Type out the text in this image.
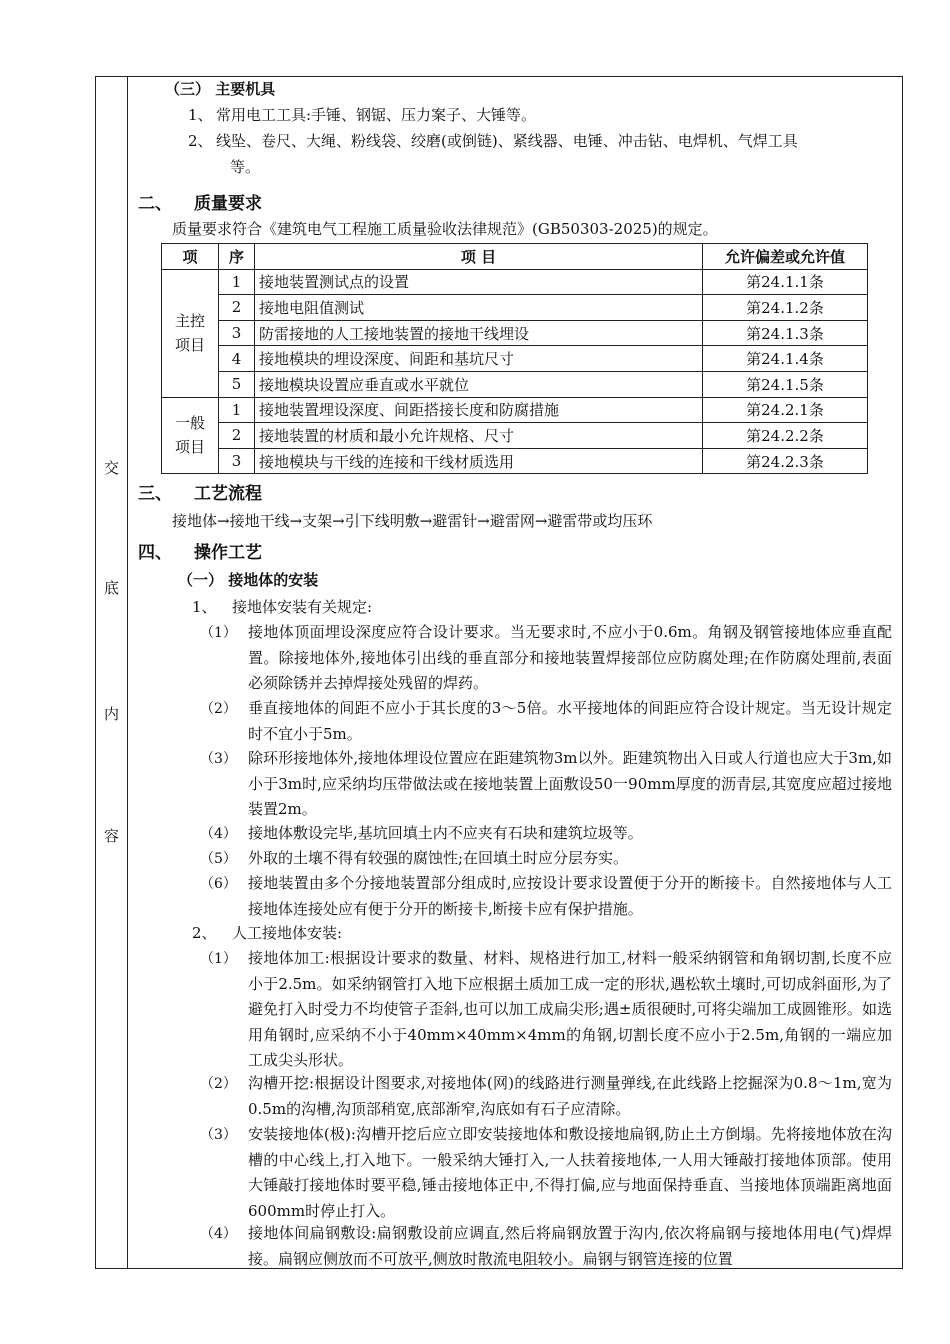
交
底
内
容
（三） 主要机具
1、 常用电工工具:手锤、钢锯、压力案子、大锤等。
2、 线坠、卷尺、大绳、粉线袋、绞磨(或倒链)、紧线器、电锤、冲击钻、电焊机、气焊工具
等。
二、 质量要求
质量要求符合《建筑电气工程施工质量验收法律规范》(GB50303-2025)的规定。
项	序	项 目	允许偏差或允许值
主控
项目	1	接地装置测试点的设置	第24.1.1条
	2	接地电阻值测试	第24.1.2条
	3	防雷接地的人工接地装置的接地干线埋设	第24.1.3条
	4	接地模块的埋设深度、间距和基坑尺寸	第24.1.4条
	5	接地模块设置应垂直或水平就位	第24.1.5条
一般
项目	1	接地装置埋设深度、间距搭接长度和防腐措施	第24.2.1条
	2	接地装置的材质和最小允许规格、尺寸	第24.2.2条
	3	接地模块与干线的连接和干线材质选用	第24.2.3条
三、 工艺流程
接地体→接地干线→支架→引下线明敷→避雷针→避雷网→避雷带或均压环
四、 操作工艺
（一） 接地体的安装
1、 接地体安装有关规定:
（1） 接地体顶面埋设深度应符合设计要求。当无要求时,不应小于0.6m。角钢及钢管接地体应垂直配置。除接地体外,接地体引出线的垂直部分和接地装置焊接部位应防腐处理;在作防腐处理前,表面必须除锈并去掉焊接处残留的焊药。
（2） 垂直接地体的间距不应小于其长度的3～5倍。水平接地体的间距应符合设计规定。当无设计规定时不宜小于5m。
（3） 除环形接地体外,接地体埋设位置应在距建筑物3m以外。距建筑物出入日或人行道也应大于3m,如小于3m时,应采纳均压带做法或在接地装置上面敷设50一90mm厚度的沥青层,其宽度应超过接地装置2m。
（4） 接地体敷设完毕,基坑回填土内不应夹有石块和建筑垃圾等。
（5） 外取的土壤不得有较强的腐蚀性;在回填土时应分层夯实。
（6） 接地装置由多个分接地装置部分组成时,应按设计要求设置便于分开的断接卡。自然接地体与人工接地体连接处应有便于分开的断接卡,断接卡应有保护措施。
2、 人工接地体安装:
（1） 接地体加工:根据设计要求的数量、材料、规格进行加工,材料一般采纳钢管和角钢切割,长度不应小于2.5m。如采纳钢管打入地下应根据土质加工成一定的形状,遇松软土壤时,可切成斜面形,为了避免打入时受力不均使管子歪斜,也可以加工成扁尖形;遇±质很硬时,可将尖端加工成圆锥形。如选用角钢时,应采纳不小于40mm×40mm×4mm的角钢,切割长度不应小于2.5m,角钢的一端应加工成尖头形状。
（2） 沟槽开挖:根据设计图要求,对接地体(网)的线路进行测量弹线,在此线路上挖掘深为0.8～1m,宽为0.5m的沟槽,沟顶部稍宽,底部渐窄,沟底如有石子应清除。
（3） 安装接地体(极):沟槽开挖后应立即安装接地体和敷设接地扁钢,防止土方倒塌。先将接地体放在沟槽的中心线上,打入地下。一般采纳大锤打入,一人扶着接地体,一人用大锤敲打接地体顶部。使用大锤敲打接地体时要平稳,锤击接地体正中,不得打偏,应与地面保持垂直、当接地体顶端距离地面600mm时停止打入。
（4） 接地体间扁钢敷设:扁钢敷设前应调直,然后将扁钢放置于沟内,依次将扁钢与接地体用电(气)焊焊接。扁钢应侧放而不可放平,侧放时散流电阻较小。扁钢与钢管连接的位置
